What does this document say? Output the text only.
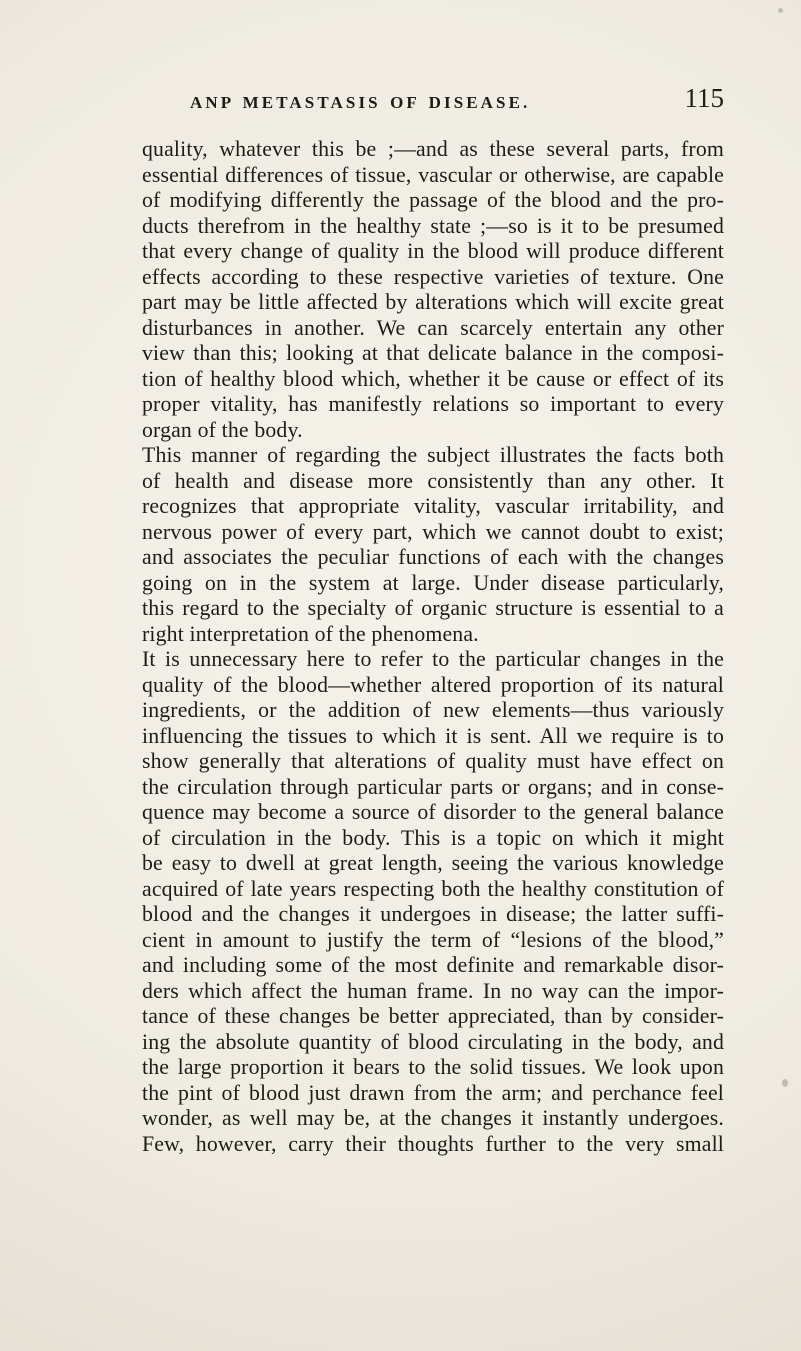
ANP METASTASIS OF DISEASE.	115
quality, whatever this be ;—and as these several parts, from
essential differences of tissue, vascular or otherwise, are capable
of modifying differently the passage of the blood and the pro-
ducts therefrom in the healthy state ;—so is it to be presumed
that every change of quality in the blood will produce different
effects according to these respective varieties of texture. One
part may be little affected by alterations which will excite great
disturbances in another. We can scarcely entertain any other
view than this; looking at that delicate balance in the composi-
tion of healthy blood which, whether it be cause or effect of its
proper vitality, has manifestly relations so important to every
organ of the body.
This manner of regarding the subject illustrates the facts both
of health and disease more consistently than any other. It
recognizes that appropriate vitality, vascular irritability, and
nervous power of every part, which we cannot doubt to exist;
and associates the peculiar functions of each with the changes
going on in the system at large. Under disease particularly,
this regard to the specialty of organic structure is essential to a
right interpretation of the phenomena.
It is unnecessary here to refer to the particular changes in the
quality of the blood—whether altered proportion of its natural
ingredients, or the addition of new elements—thus variously
influencing the tissues to which it is sent. All we require is to
show generally that alterations of quality must have effect on
the circulation through particular parts or organs; and in conse-
quence may become a source of disorder to the general balance
of circulation in the body. This is a topic on which it might
be easy to dwell at great length, seeing the various knowledge
acquired of late years respecting both the healthy constitution of
blood and the changes it undergoes in disease; the latter suffi-
cient in amount to justify the term of “lesions of the blood,”
and including some of the most definite and remarkable disor-
ders which affect the human frame. In no way can the impor-
tance of these changes be better appreciated, than by consider-
ing the absolute quantity of blood circulating in the body, and
the large proportion it bears to the solid tissues. We look upon
the pint of blood just drawn from the arm; and perchance feel
wonder, as well may be, at the changes it instantly undergoes.
Few, however, carry their thoughts further to the very small
